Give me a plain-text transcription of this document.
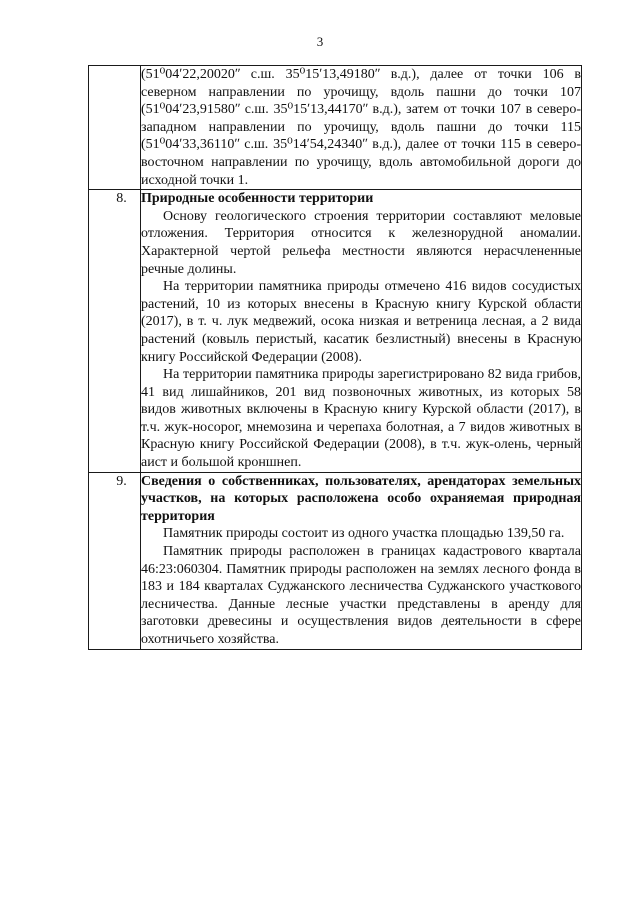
3

	(51⁰04ʹ22,20020ʺ с.ш. 35⁰15ʹ13,49180ʺ в.д.), далее от точки 106 в северном направлении по урочищу, вдоль пашни до точки 107 (51⁰04ʹ23,91580ʺ с.ш. 35⁰15ʹ13,44170ʺ в.д.), затем от точки 107 в северо-западном направлении по урочищу, вдоль пашни до точки 115 (51⁰04ʹ33,36110ʺ с.ш. 35⁰14ʹ54,24340ʺ в.д.), далее от точки 115 в северо-восточном направлении по урочищу, вдоль автомобильной дороги до исходной точки 1.

8.	Природные особенности территории

Основу геологического строения территории составляют меловые отложения. Территория относится к железнорудной аномалии. Характерной чертой рельефа местности являются нерасчлененные речные долины.

На территории памятника природы отмечено 416 видов сосудистых растений, 10 из которых внесены в Красную книгу Курской области (2017), в т. ч. лук медвежий, осока низкая и ветреница лесная, а 2 вида растений (ковыль перистый, касатик безлистный) внесены в Красную книгу Российской Федерации (2008).

На территории памятника природы зарегистрировано 82 вида грибов, 41 вид лишайников, 201 вид позвоночных животных, из которых 58 видов животных включены в Красную книгу Курской области (2017), в т.ч. жук-носорог, мнемозина и черепаха болотная, а 7 видов животных в Красную книгу Российской Федерации (2008), в т.ч. жук-олень, черный аист и большой кроншнеп.

9.	Сведения о собственниках, пользователях, арендаторах земельных участков, на которых расположена особо охраняемая природная территория

Памятник природы состоит из одного участка площадью 139,50 га.

Памятник природы расположен в границах кадастрового квартала 46:23:060304. Памятник природы расположен на землях лесного фонда в 183 и 184 кварталах Суджанского лесничества Суджанского участкового лесничества. Данные лесные участки представлены в аренду для заготовки древесины и осуществления видов деятельности в сфере охотничьего хозяйства.
